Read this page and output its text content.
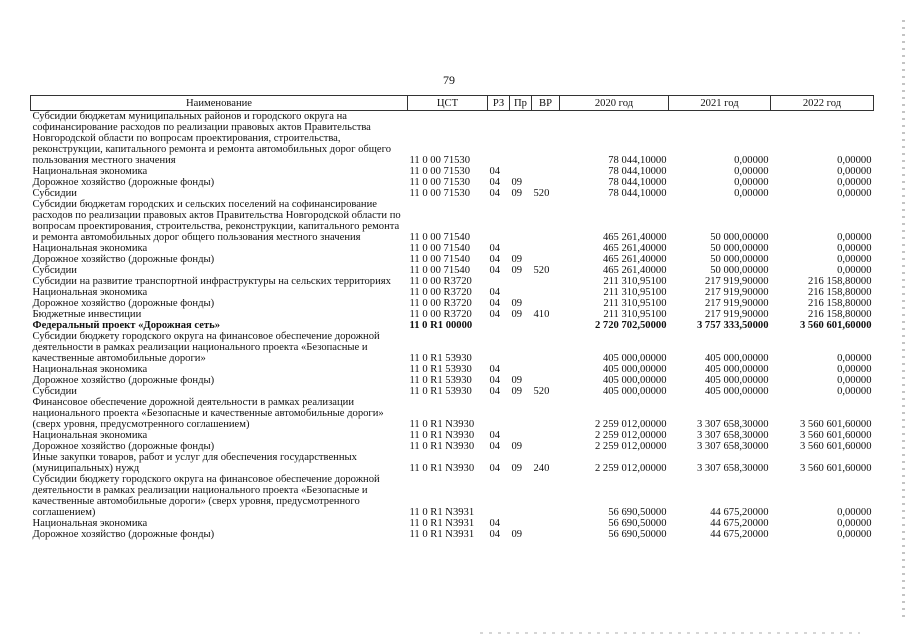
79
Наименование	ЦСТ	РЗ	Пр	ВР	2020 год	2021 год	2022 год
Субсидии бюджетам муниципальных районов и городского округа на софинансирование расходов по реализации правовых актов Правительства Новгородской области по вопросам проектирования, строительства, реконструкции, капитального ремонта и ремонта автомобильных дорог общего пользования местного значения	11 0 00 71530				78 044,10000	0,00000	0,00000
Национальная экономика	11 0 00 71530	04			78 044,10000	0,00000	0,00000
Дорожное хозяйство (дорожные фонды)	11 0 00 71530	04	09		78 044,10000	0,00000	0,00000
Субсидии	11 0 00 71530	04	09	520	78 044,10000	0,00000	0,00000
Субсидии бюджетам городских и сельских поселений на софинансирование расходов по реализации правовых актов Правительства Новгородской области по вопросам проектирования, строительства, реконструкции, капитального ремонта и ремонта автомобильных дорог общего пользования местного значения	11 0 00 71540				465 261,40000	50 000,00000	0,00000
Национальная экономика	11 0 00 71540	04			465 261,40000	50 000,00000	0,00000
Дорожное хозяйство (дорожные фонды)	11 0 00 71540	04	09		465 261,40000	50 000,00000	0,00000
Субсидии	11 0 00 71540	04	09	520	465 261,40000	50 000,00000	0,00000
Субсидии на развитие транспортной инфраструктуры на сельских территориях	11 0 00 R3720				211 310,95100	217 919,90000	216 158,80000
Национальная экономика	11 0 00 R3720	04			211 310,95100	217 919,90000	216 158,80000
Дорожное хозяйство (дорожные фонды)	11 0 00 R3720	04	09		211 310,95100	217 919,90000	216 158,80000
Бюджетные инвестиции	11 0 00 R3720	04	09	410	211 310,95100	217 919,90000	216 158,80000
Федеральный проект «Дорожная сеть»	11 0 R1 00000				2 720 702,50000	3 757 333,50000	3 560 601,60000
Субсидии бюджету городского округа на финансовое обеспечение дорожной деятельности в рамках реализации национального проекта «Безопасные и качественные автомобильные дороги»	11 0 R1 53930				405 000,00000	405 000,00000	0,00000
Национальная экономика	11 0 R1 53930	04			405 000,00000	405 000,00000	0,00000
Дорожное хозяйство (дорожные фонды)	11 0 R1 53930	04	09		405 000,00000	405 000,00000	0,00000
Субсидии	11 0 R1 53930	04	09	520	405 000,00000	405 000,00000	0,00000
Финансовое обеспечение дорожной деятельности в рамках реализации национального проекта «Безопасные и качественные автомобильные дороги» (сверх уровня, предусмотренного соглашением)	11 0 R1 N3930				2 259 012,00000	3 307 658,30000	3 560 601,60000
Национальная экономика	11 0 R1 N3930	04			2 259 012,00000	3 307 658,30000	3 560 601,60000
Дорожное хозяйство (дорожные фонды)	11 0 R1 N3930	04	09		2 259 012,00000	3 307 658,30000	3 560 601,60000
Иные закупки товаров, работ и услуг для обеспечения государственных (муниципальных) нужд	11 0 R1 N3930	04	09	240	2 259 012,00000	3 307 658,30000	3 560 601,60000
Субсидии бюджету городского округа на финансовое обеспечение дорожной деятельности в рамках реализации национального проекта «Безопасные и качественные автомобильные дороги» (сверх уровня, предусмотренного соглашением)	11 0 R1 N3931				56 690,50000	44 675,20000	0,00000
Национальная экономика	11 0 R1 N3931	04			56 690,50000	44 675,20000	0,00000
Дорожное хозяйство (дорожные фонды)	11 0 R1 N3931	04	09		56 690,50000	44 675,20000	0,00000
